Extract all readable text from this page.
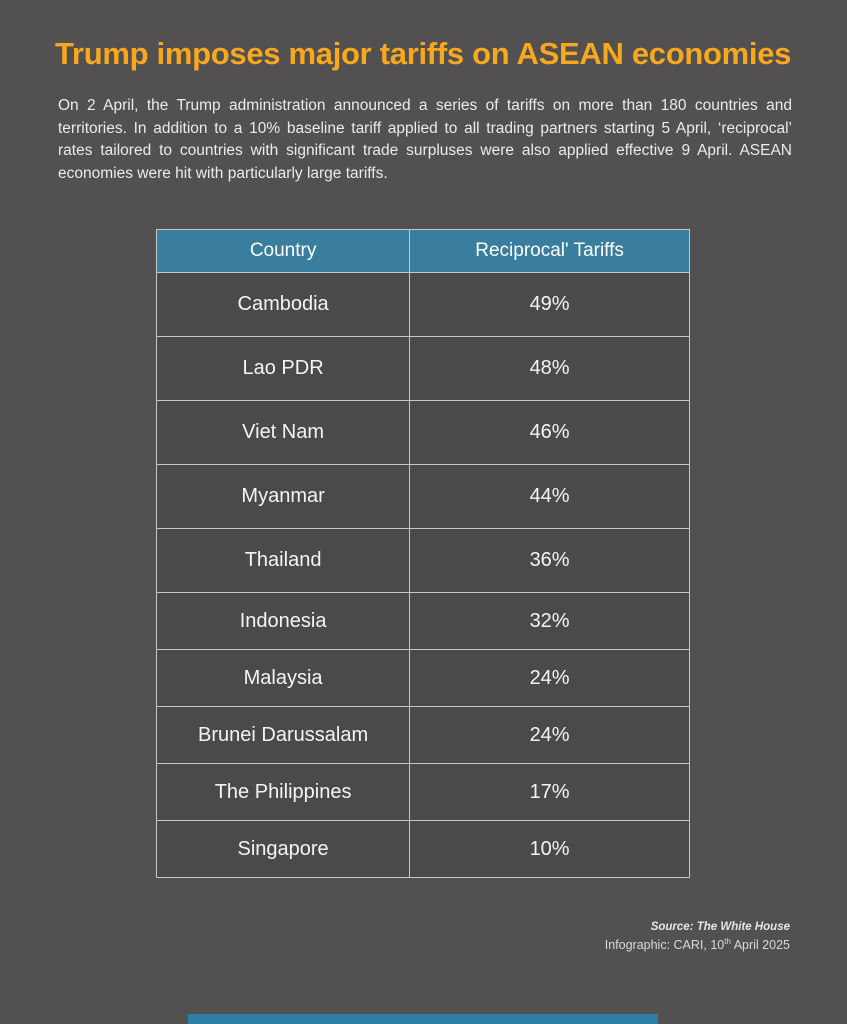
Trump imposes major tariffs on ASEAN economies

On 2 April, the Trump administration announced a series of tariffs on more than 180 countries and territories. In addition to a 10% baseline tariff applied to all trading partners starting 5 April, ‘reciprocal’ rates tailored to countries with significant trade surpluses were also applied effective 9 April. ASEAN economies were hit with particularly large tariffs.

Country	Reciprocal' Tariffs
Cambodia	49%
Lao PDR	48%
Viet Nam	46%
Myanmar	44%
Thailand	36%
Indonesia	32%
Malaysia	24%
Brunei Darussalam	24%
The Philippines	17%
Singapore	10%
Source: The White House
Infographic: CARI, 10th April 2025
